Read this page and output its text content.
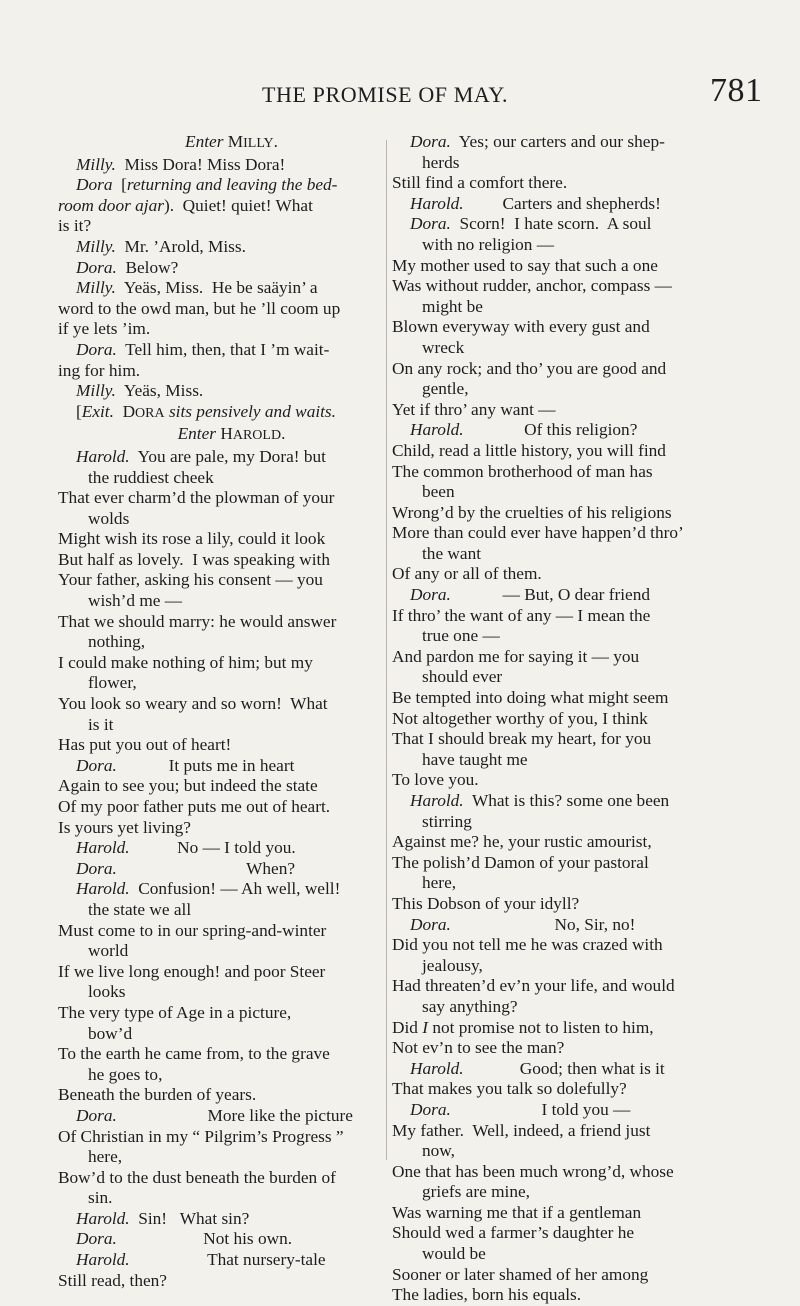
THE PROMISE OF MAY.	781
Enter MILLY.
Milly.  Miss Dora! Miss Dora!
Dora  [returning and leaving the bed-
room door ajar).  Quiet! quiet! What
is it?
Milly.  Mr. ’Arold, Miss.
Dora.  Below?
Milly.  Yeäs, Miss.  He be saäyin’ a
word to the owd man, but he ’ll coom up
if ye lets ’im.
Dora.  Tell him, then, that I ’m wait-
ing for him.
Milly.  Yeäs, Miss.
[Exit.  DORA sits pensively and waits.
Enter HAROLD.
Harold.  You are pale, my Dora! but
the ruddiest cheek
That ever charm’d the plowman of your
wolds
Might wish its rose a lily, could it look
But half as lovely.  I was speaking with
Your father, asking his consent — you
wish’d me —
That we should marry: he would answer
nothing,
I could make nothing of him; but my
flower,
You look so weary and so worn!  What
is it
Has put you out of heart!
Dora.            It puts me in heart
Again to see you; but indeed the state
Of my poor father puts me out of heart.
Is yours yet living?
Harold.           No — I told you.
Dora.                              When?
Harold.  Confusion! — Ah well, well!
the state we all
Must come to in our spring-and-winter
world
If we live long enough! and poor Steer
looks
The very type of Age in a picture,
bow’d
To the earth he came from, to the grave
he goes to,
Beneath the burden of years.
Dora.                     More like the picture
Of Christian in my “ Pilgrim’s Progress ”
here,
Bow’d to the dust beneath the burden of
sin.
Harold.  Sin!   What sin?
Dora.                    Not his own.
Harold.                  That nursery-tale
Still read, then?
Dora.  Yes; our carters and our shep-
herds
Still find a comfort there.
Harold.         Carters and shepherds!
Dora.  Scorn!  I hate scorn.  A soul
with no religion —
My mother used to say that such a one
Was without rudder, anchor, compass —
might be
Blown everyway with every gust and
wreck
On any rock; and tho’ you are good and
gentle,
Yet if thro’ any want —
Harold.              Of this religion?
Child, read a little history, you will find
The common brotherhood of man has
been
Wrong’d by the cruelties of his religions
More than could ever have happen’d thro’
the want
Of any or all of them.
Dora.            — But, O dear friend
If thro’ the want of any — I mean the
true one —
And pardon me for saying it — you
should ever
Be tempted into doing what might seem
Not altogether worthy of you, I think
That I should break my heart, for you
have taught me
To love you.
Harold.  What is this? some one been
stirring
Against me? he, your rustic amourist,
The polish’d Damon of your pastoral
here,
This Dobson of your idyll?
Dora.                        No, Sir, no!
Did you not tell me he was crazed with
jealousy,
Had threaten’d ev’n your life, and would
say anything?
Did I not promise not to listen to him,
Not ev’n to see the man?
Harold.             Good; then what is it
That makes you talk so dolefully?
Dora.                     I told you —
My father.  Well, indeed, a friend just
now,
One that has been much wrong’d, whose
griefs are mine,
Was warning me that if a gentleman
Should wed a farmer’s daughter he
would be
Sooner or later shamed of her among
The ladies, born his equals.
